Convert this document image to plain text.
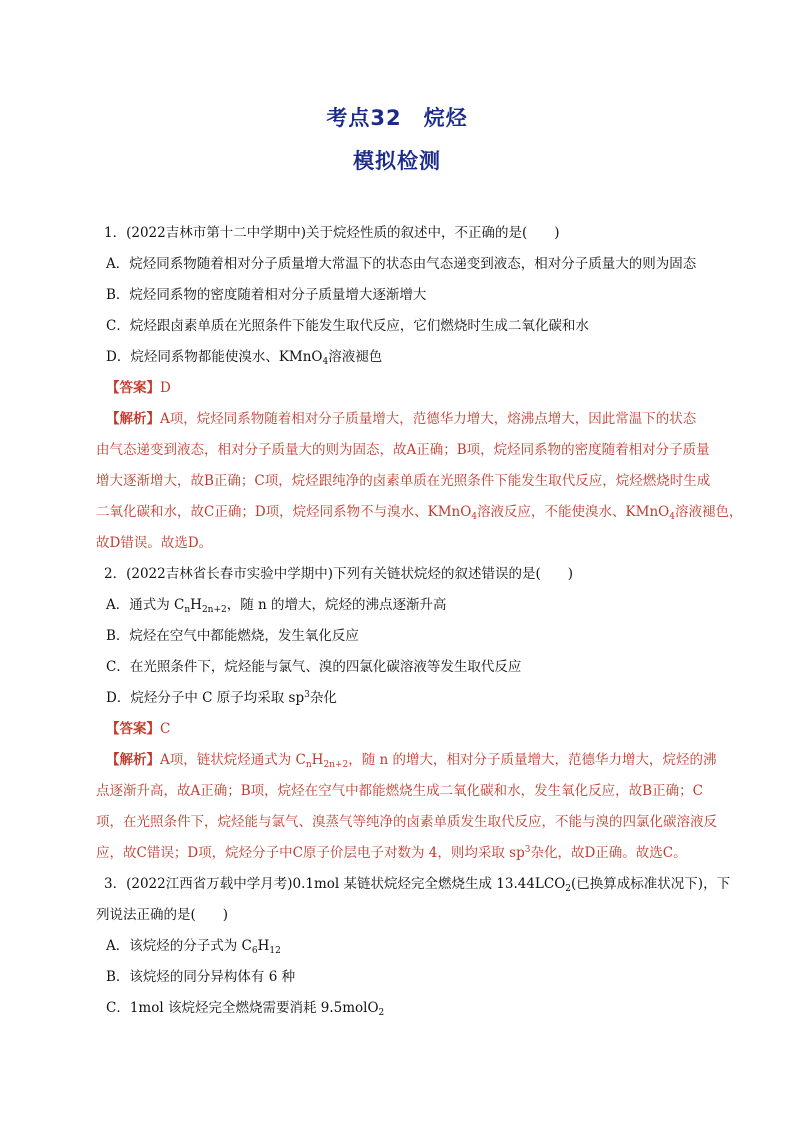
考点32 烷烃
模拟检测
1．(2022吉林市第十二中学期中)关于烷烃性质的叙述中，不正确的是(　　)
A．烷烃同系物随着相对分子质量增大常温下的状态由气态递变到液态，相对分子质量大的则为固态
B．烷烃同系物的密度随着相对分子质量增大逐渐增大
C．烷烃跟卤素单质在光照条件下能发生取代反应，它们燃烧时生成二氧化碳和水
D．烷烃同系物都能使溴水、KMnO$_4$溶液褪色
【答案】D
【解析】A项，烷烃同系物随着相对分子质量增大，范德华力增大，熔沸点增大，因此常温下的状态
由气态递变到液态，相对分子质量大的则为固态，故A正确；B项，烷烃同系物的密度随着相对分子质量
增大逐渐增大，故B正确；C项，烷烃跟纯净的卤素单质在光照条件下能发生取代反应，烷烃燃烧时生成
二氧化碳和水，故C正确；D项，烷烃同系物不与溴水、KMnO$_4$溶液反应，不能使溴水、KMnO$_4$溶液褪色，
故D错误。故选D。
2．(2022吉林省长春市实验中学期中)下列有关链状烷烃的叙述错误的是(　　)
A．通式为 $C_nH_{2n+2}$，随 n 的增大，烷烃的沸点逐渐升高
B．烷烃在空气中都能燃烧，发生氧化反应
C．在光照条件下，烷烃能与氯气、溴的四氯化碳溶液等发生取代反应
D．烷烃分子中 C 原子均采取 $sp^3$杂化
【答案】C
【解析】A项，链状烷烃通式为 $C_nH_{2n+2}$，随 n 的增大，相对分子质量增大，范德华力增大，烷烃的沸
点逐渐升高，故A正确；B项，烷烃在空气中都能燃烧生成二氧化碳和水，发生氧化反应，故B正确；C
项，在光照条件下，烷烃能与氯气、溴蒸气等纯净的卤素单质发生取代反应，不能与溴的四氯化碳溶液反
应，故C错误；D项，烷烃分子中C原子价层电子对数为 4，则均采取 $sp^3$杂化，故D正确。故选C。
3．(2022江西省万载中学月考)0.1mol 某链状烷烃完全燃烧生成 $13.44LCO_2$(已换算成标准状况下)，下
列说法正确的是(　　)
A．该烷烃的分子式为 $C_6H_{12}$
B．该烷烃的同分异构体有 6 种
C．1mol 该烷烃完全燃烧需要消耗 9.5molO$_2$
